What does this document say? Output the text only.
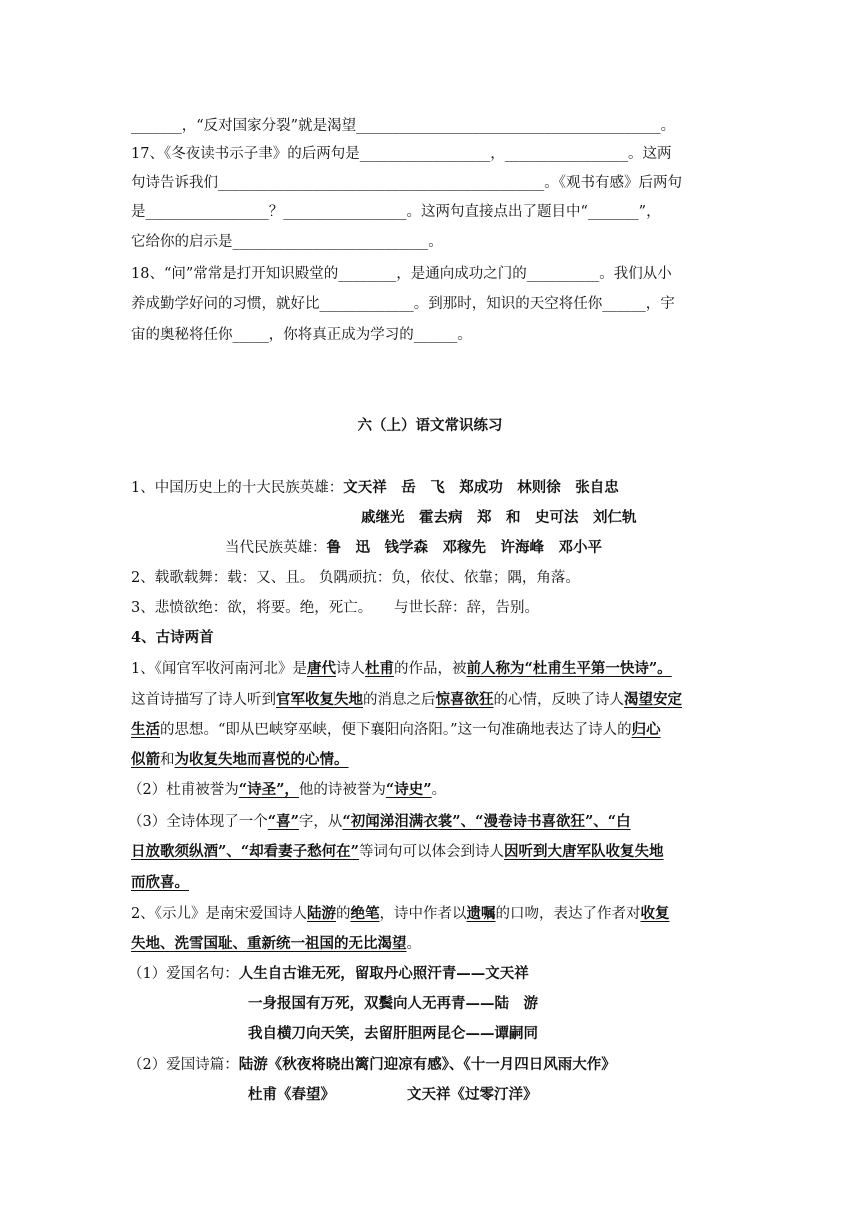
_______，“反对国家分裂”就是渴望__________________________________________。
17、《冬夜读书示子聿》的后两句是__________________，_________________。这两
句诗告诉我们_____________________________________________。《观书有感》后两句
是_________________？_________________。这两句直接点出了题目中“_______”，
它给你的启示是___________________________。
18、“问”常常是打开知识殿堂的________，是通向成功之门的__________。我们从小
养成勤学好问的习惯，就好比_____________。到那时，知识的天空将任你______，宇
宙的奥秘将任你_____，你将真正成为学习的______。
六（上）语文常识练习
1、中国历史上的十大民族英雄：文天祥　岳　飞　郑成功　林则徐　张自忠
戚继光　霍去病　郑　和　史可法　刘仁轨
当代民族英雄：鲁　迅　钱学森　邓稼先　许海峰　邓小平
2、载歌载舞：载：又、且。 负隅顽抗：负，依仗、依靠；隅，角落。
3、悲愤欲绝：欲，将要。绝，死亡。　　与世长辞：辞，告别。
4、古诗两首
1、《闻官军收河南河北》是唐代诗人杜甫的作品，被前人称为“杜甫生平第一快诗”。
这首诗描写了诗人听到官军收复失地的消息之后惊喜欲狂的心情，反映了诗人渴望安定
生活的思想。“即从巴峡穿巫峡，便下襄阳向洛阳。”这一句准确地表达了诗人的归心
似箭和为收复失地而喜悦的心情。
（2）杜甫被誉为“诗圣”，他的诗被誉为“诗史”。
（3）全诗体现了一个“喜”字，从“初闻涕泪满衣裳”、“漫卷诗书喜欲狂”、“白
日放歌须纵酒”、“却看妻子愁何在”等词句可以体会到诗人因听到大唐军队收复失地
而欣喜。
2、《示儿》是南宋爱国诗人陆游的绝笔，诗中作者以遗嘱的口吻，表达了作者对收复
失地、洗雪国耻、重新统一祖国的无比渴望。
（1）爱国名句：人生自古谁无死，留取丹心照汗青——文天祥
一身报国有万死，双鬓向人无再青——陆　游
我自横刀向天笑，去留肝胆两昆仑——谭嗣同
（2）爱国诗篇：陆游《秋夜将晓出篱门迎凉有感》、《十一月四日风雨大作》
杜甫《春望》	文天祥《过零汀洋》
